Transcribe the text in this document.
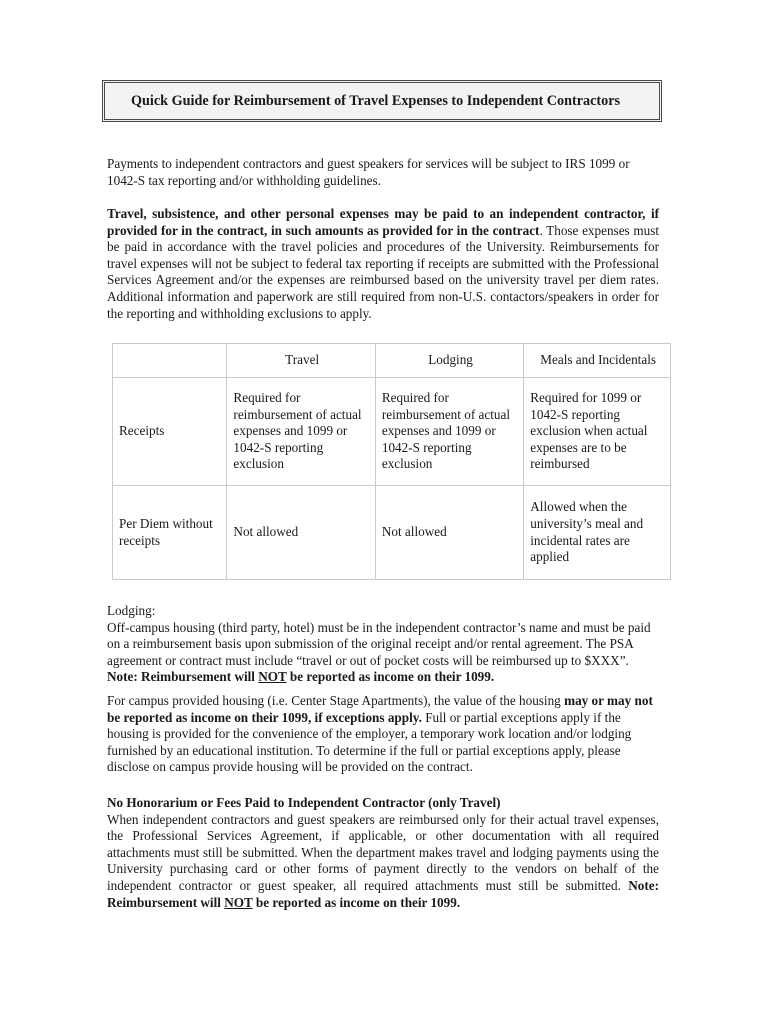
Quick Guide for Reimbursement of Travel Expenses to Independent Contractors

Payments to independent contractors and guest speakers for services will be subject to IRS 1099 or 1042-S tax reporting and/or withholding guidelines.

Travel, subsistence, and other personal expenses may be paid to an independent contractor, if provided for in the contract, in such amounts as provided for in the contract. Those expenses must be paid in accordance with the travel policies and procedures of the University. Reimbursements for travel expenses will not be subject to federal tax reporting if receipts are submitted with the Professional Services Agreement and/or the expenses are reimbursed based on the university travel per diem rates. Additional information and paperwork are still required from non-U.S. contactors/speakers in order for the reporting and withholding exclusions to apply.

	Travel	Lodging	Meals and Incidentals
Receipts	Required for reimbursement of actual expenses and 1099 or 1042-S reporting exclusion	Required for reimbursement of actual expenses and 1099 or 1042-S reporting exclusion	Required for 1099 or 1042-S reporting exclusion when actual expenses are to be reimbursed
Per Diem without receipts	Not allowed	Not allowed	Allowed when the university’s meal and incidental rates are applied
Lodging:
Off-campus housing (third party, hotel) must be in the independent contractor’s name and must be paid on a reimbursement basis upon submission of the original receipt and/or rental agreement. The PSA agreement or contract must include “travel or out of pocket costs will be reimbursed up to $XXX”. Note: Reimbursement will NOT be reported as income on their 1099.

For campus provided housing (i.e. Center Stage Apartments), the value of the housing may or may not be reported as income on their 1099, if exceptions apply. Full or partial exceptions apply if the housing is provided for the convenience of the employer, a temporary work location and/or lodging furnished by an educational institution. To determine if the full or partial exceptions apply, please disclose on campus provide housing will be provided on the contract.

No Honorarium or Fees Paid to Independent Contractor (only Travel)
When independent contractors and guest speakers are reimbursed only for their actual travel expenses, the Professional Services Agreement, if applicable, or other documentation with all required attachments must still be submitted. When the department makes travel and lodging payments using the University purchasing card or other forms of payment directly to the vendors on behalf of the independent contractor or guest speaker, all required attachments must still be submitted. Note: Reimbursement will NOT be reported as income on their 1099.
